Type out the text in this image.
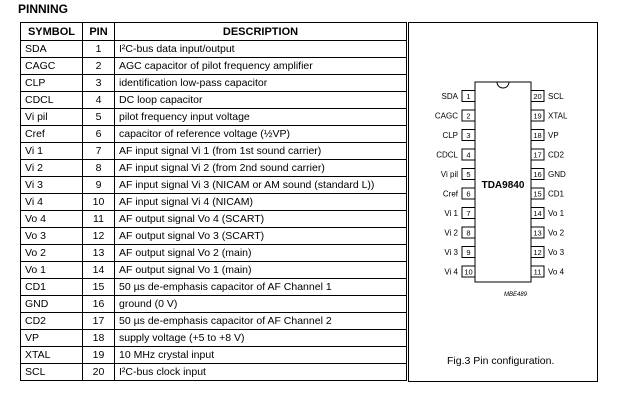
PINNING
SYMBOL	PIN	DESCRIPTION
SDA	1	I²C-bus data input/output
CAGC	2	AGC capacitor of pilot frequency amplifier
CLP	3	identification low-pass capacitor
CDCL	4	DC loop capacitor
Vi pil	5	pilot frequency input voltage
Cref	6	capacitor of reference voltage (½VP)
Vi 1	7	AF input signal Vi 1 (from 1st sound carrier)
Vi 2	8	AF input signal Vi 2 (from 2nd sound carrier)
Vi 3	9	AF input signal Vi 3 (NICAM or AM sound (standard L))
Vi 4	10	AF input signal Vi 4 (NICAM)
Vo 4	11	AF output signal Vo 4 (SCART)
Vo 3	12	AF output signal Vo 3 (SCART)
Vo 2	13	AF output signal Vo 2 (main)
Vo 1	14	AF output signal Vo 1 (main)
CD1	15	50 µs de-emphasis capacitor of AF Channel 1
GND	16	ground (0 V)
CD2	17	50 µs de-emphasis capacitor of AF Channel 2
VP	18	supply voltage (+5 to +8 V)
XTAL	19	10 MHz crystal input
SCL	20	I²C-bus clock input
TDA9840
MBE489
1
SDA
2
CAGC
3
CLP
4
CDCL
5
Vi pil
6
Cref
7
Vi 1
8
Vi 2
9
Vi 3
10
Vi 4
20 SCL
19 XTAL
18 VP
17 CD2
16 GND
15 CD1
14 Vo 1
13 Vo 2
12 Vo 3
11 Vo 4
Fig.3 Pin configuration.
